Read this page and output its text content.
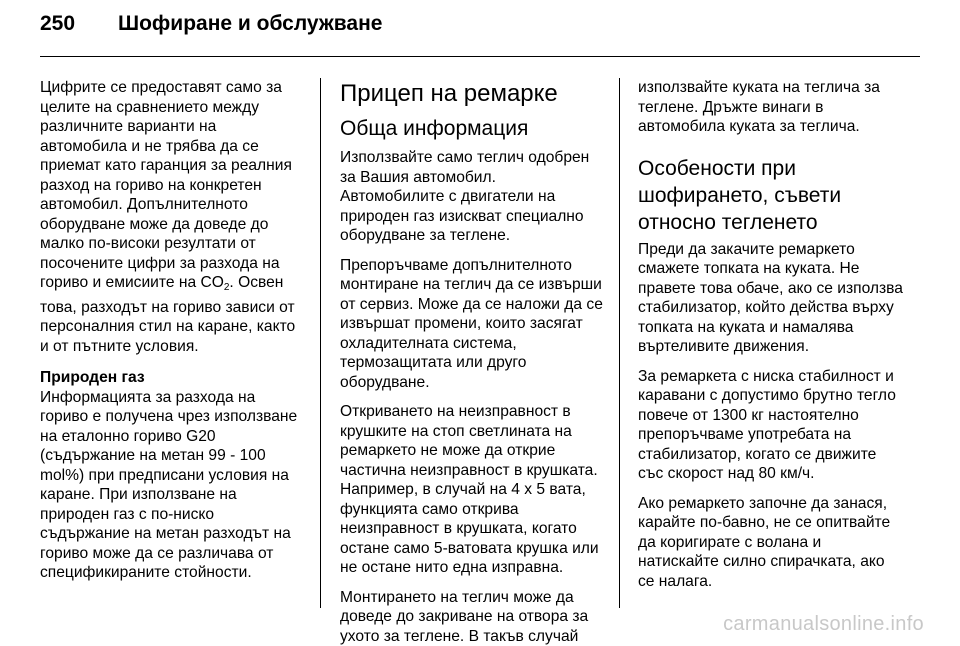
250 Шофиране и обслужване

Цифрите се предоставят само за целите на сравнението между различните варианти на автомобила и не трябва да се приемат като гаранция за реалния разход на гориво на конкретен автомобил. Допълнителното оборудване може да доведе до малко по-високи резултати от посочените цифри за разхода на гориво и емисиите на CO2. Освен това, разходът на гориво зависи от персоналния стил на каране, както и от пътните условия.

Природен газ

Информацията за разхода на гориво е получена чрез използване на еталонно гориво G20 (съдържание на метан 99 - 100 mol%) при предписани условия на каране. При използване на природен газ с по-ниско съдържание на метан разходът на гориво може да се различава от спецификираните стойности.

Прицеп на ремарке
Обща информация

Използвайте само теглич одобрен за Вашия автомобил.

Автомобилите с двигатели на природен газ изискват специално оборудване за теглене.

Препоръчваме допълнителното монтиране на теглич да се извърши от сервиз. Може да се наложи да се извършат промени, които засягат охладителната система, термозащитата или друго оборудване.

Откриването на неизправност в крушките на стоп светлината на ремаркето не може да открие частична неизправност в крушката. Например, в случай на 4 x 5 вата, функцията само открива неизправност в крушката, когато остане само 5-ватовата крушка или не остане нито една изправна.

Монтирането на теглич може да доведе до закриване на отвора за ухото за теглене. В такъв случай

използвайте куката на теглича за теглене. Дръжте винаги в автомобила куката за теглича.

Особености при шофирането, съвети относно тегленето

Преди да закачите ремаркето смажете топката на куката. Не правете това обаче, ако се използва стабилизатор, който действа върху топката на куката и намалява въртеливите движения.

За ремаркета с ниска стабилност и каравани с допустимо брутно тегло повече от 1300 кг настоятелно препоръчваме употребата на стабилизатор, когато се движите със скорост над 80 км/ч.

Ако ремаркето започне да занася, карайте по-бавно, не се опитвайте да коригирате с волана и натискайте силно спирачката, ако се налага.

carmanualsonline.info
